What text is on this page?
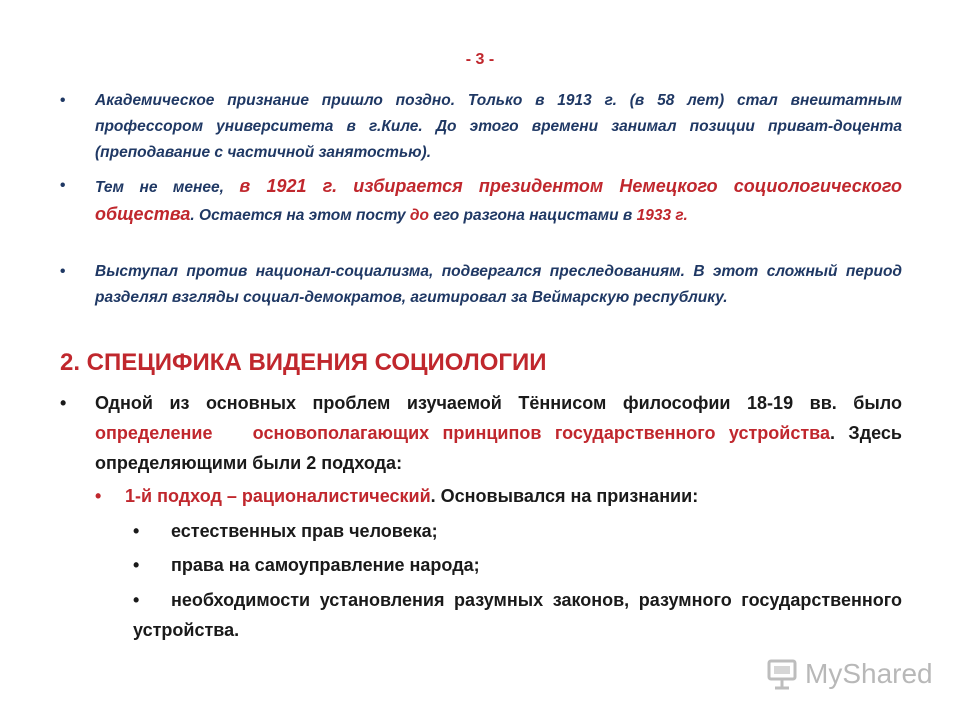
- 3 -
• Академическое признание пришло поздно. Только в 1913 г. (в 58 лет) стал внештатным профессором университета в г.Киле. До этого времени занимал позиции приват-доцента (преподавание с частичной занятостью).
• Тем не менее, в 1921 г. избирается президентом Немецкого социологического общества. Остается на этом посту до его разгона нацистами в 1933 г.
• Выступал против национал-социализма, подвергался преследованиям. В этот сложный период разделял взгляды социал-демократов, агитировал за Веймарскую республику.
2. СПЕЦИФИКА ВИДЕНИЯ СОЦИОЛОГИИ
• Одной из основных проблем изучаемой Тённисом философии 18-19 вв. было определение   основополагающих принципов государственного устройства. Здесь определяющими были 2 подхода:
• 1-й подход – рационалистический. Основывался на признании:
• естественных прав человека;
• права на самоуправление народа;
• необходимости установления разумных законов, разумного государственного устройства.
MyShared
